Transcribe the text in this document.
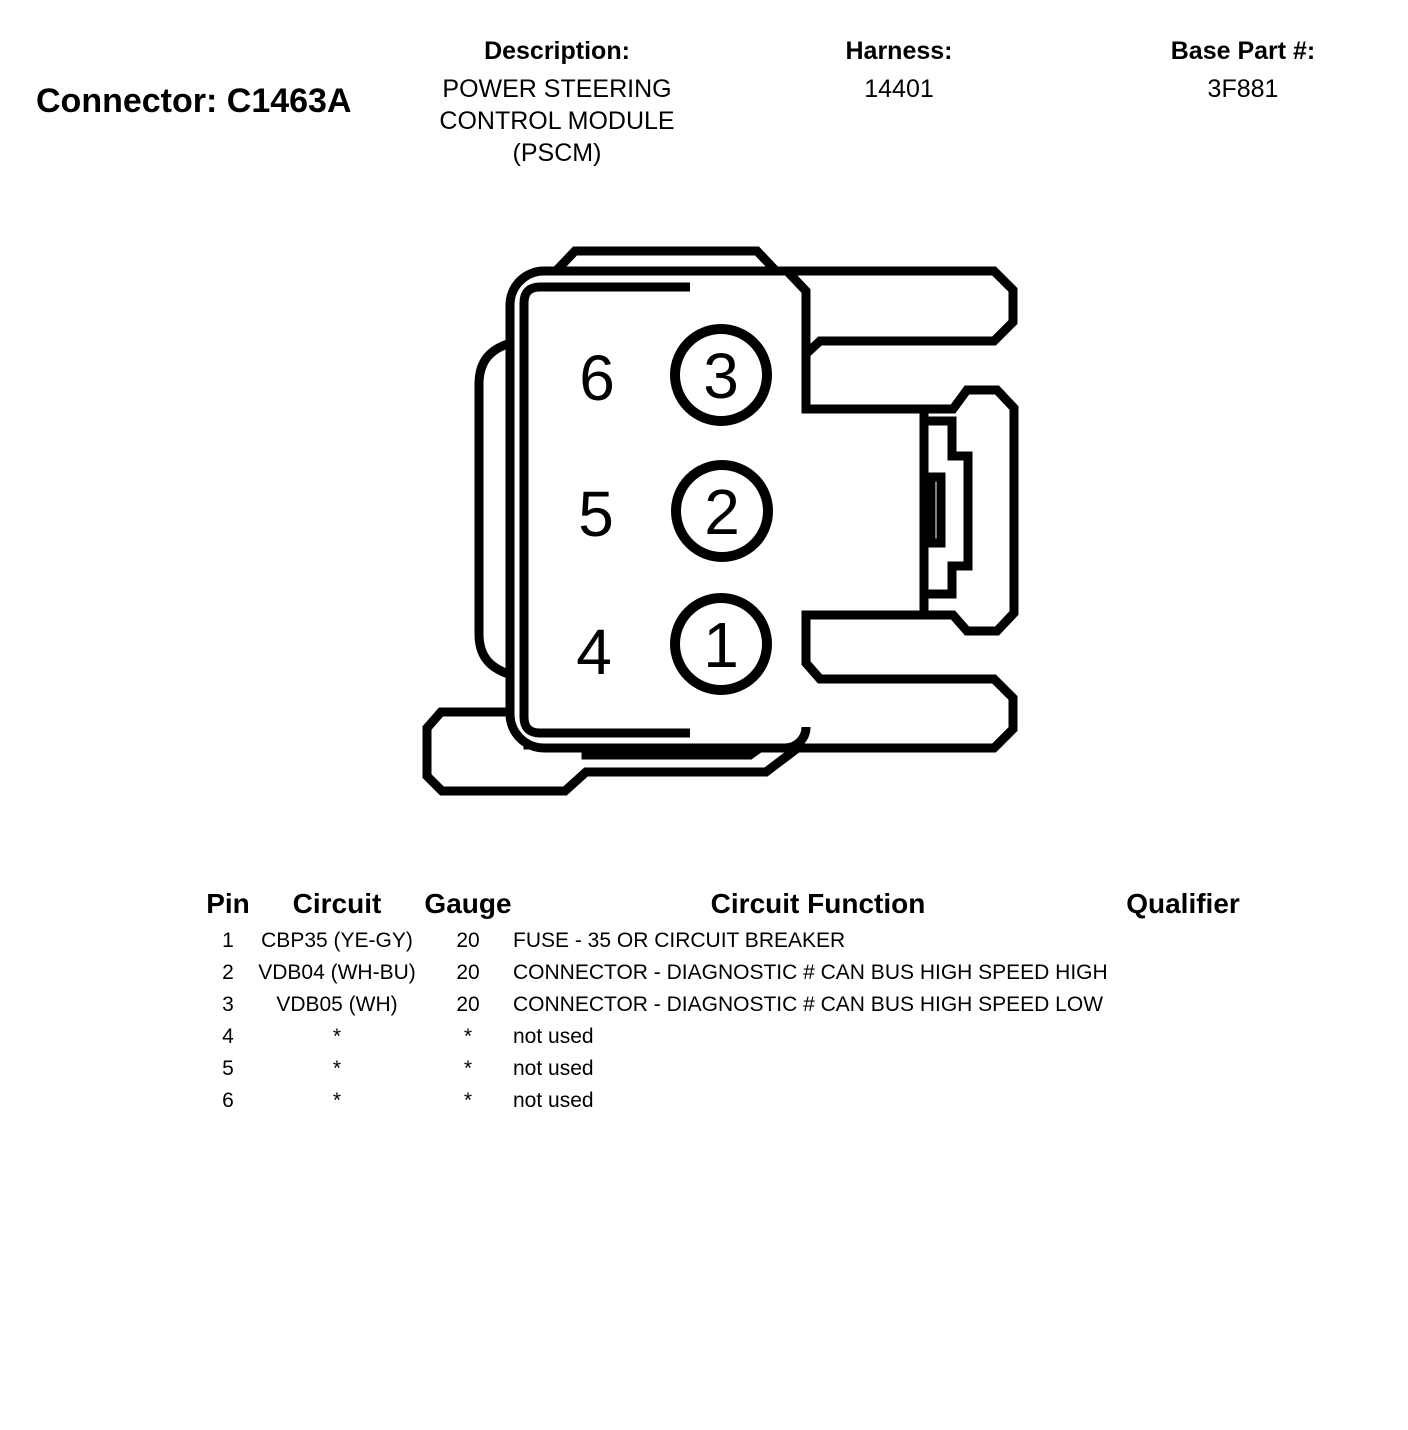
Connector: C1463A
Description:
POWER STEERING
CONTROL MODULE
(PSCM)
Harness:
14401
Base Part #:
3F881
3
2
1
6
5
4
Pin	Circuit	Gauge	Circuit Function	Qualifier
1	CBP35 (YE-GY)	20	FUSE - 35 OR CIRCUIT BREAKER
2	VDB04 (WH-BU)	20	CONNECTOR - DIAGNOSTIC # CAN BUS HIGH SPEED HIGH
3	VDB05 (WH)	20	CONNECTOR - DIAGNOSTIC # CAN BUS HIGH SPEED LOW
4	*	*	not used
5	*	*	not used
6	*	*	not used
